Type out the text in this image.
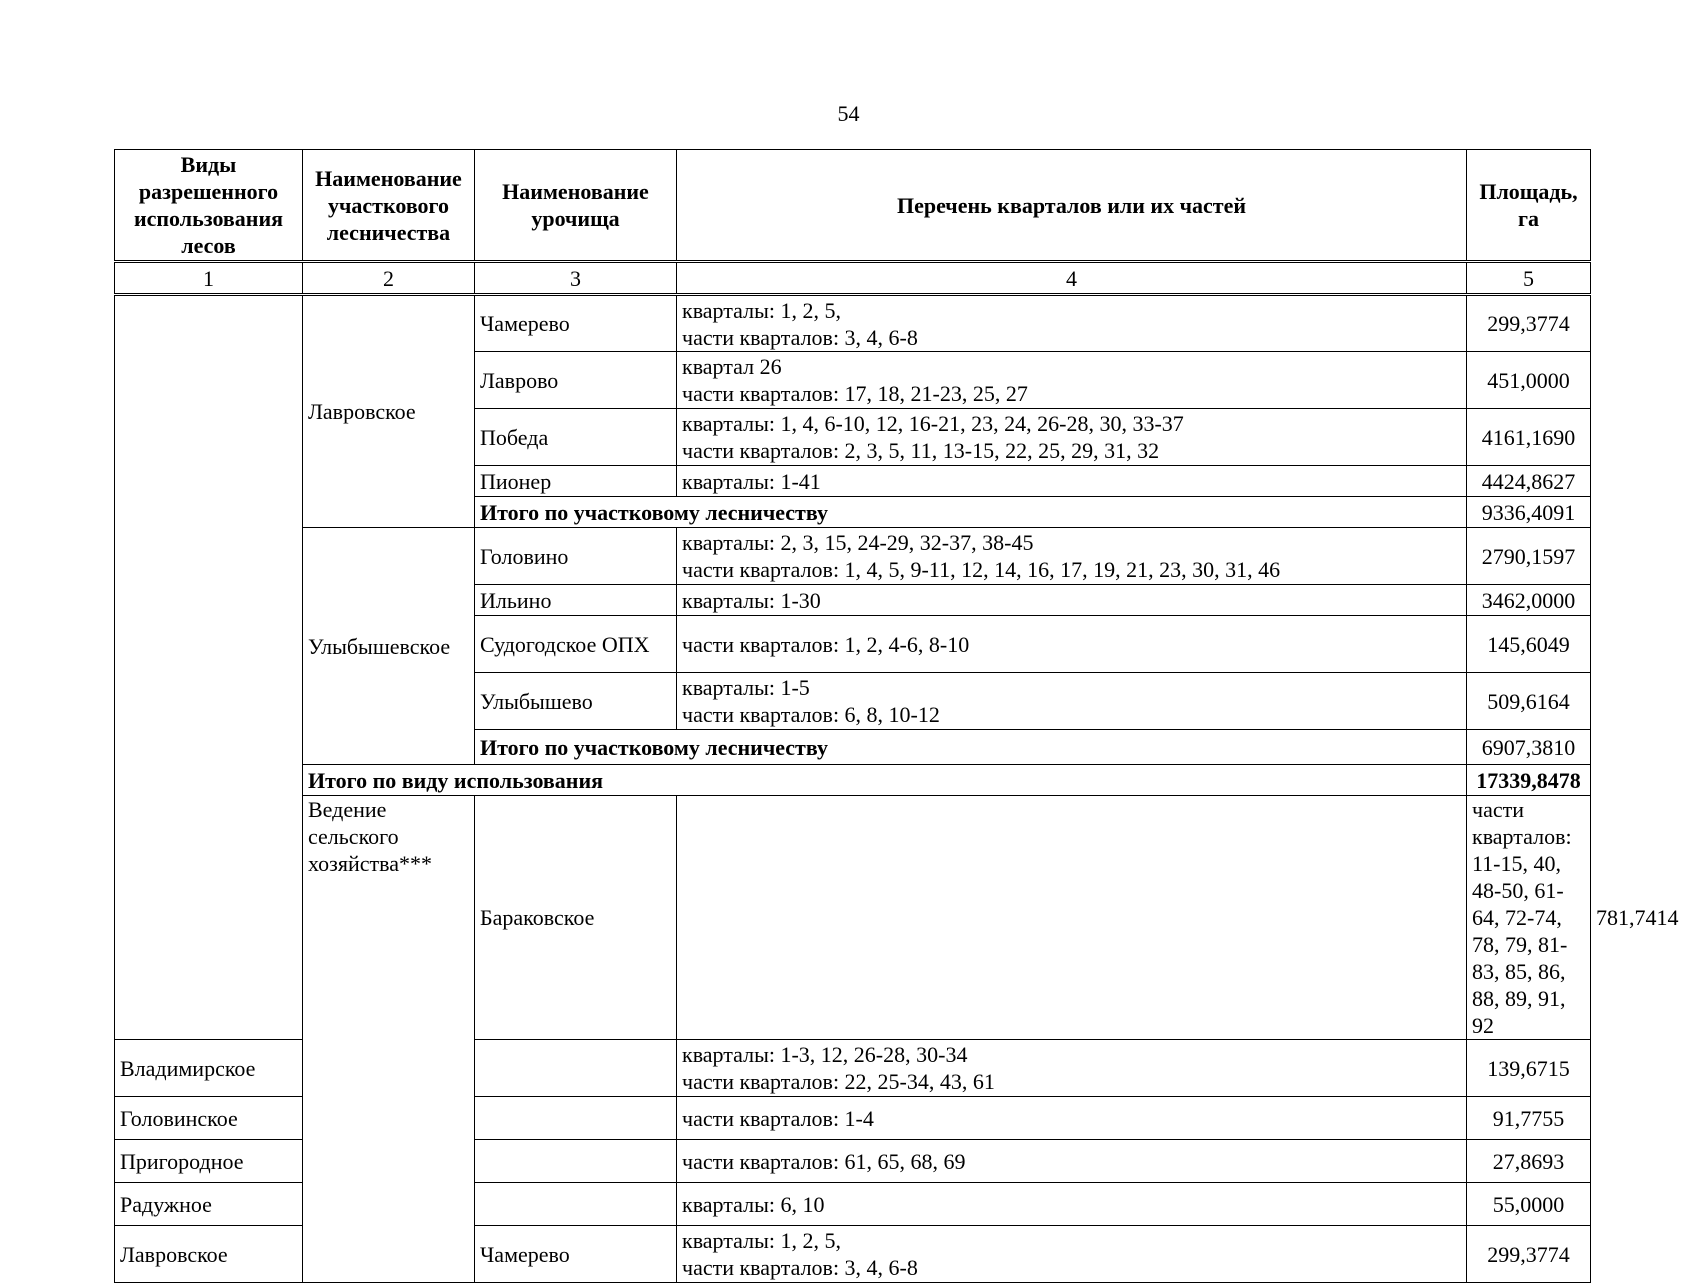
54
Виды разрешенного использования лесов	Наименование участкового лесничества	Наименование урочища	Перечень кварталов или их частей	Площадь, га	
1	2	3	4	5	
	Лавровское	Чамерево	кварталы: 1, 2, 5,
части кварталов: 3, 4, 6-8	299,3774	
		Лаврово	квартал 26
части кварталов: 17, 18, 21-23, 25, 27	451,0000	
		Победа	кварталы: 1, 4, 6-10, 12, 16-21, 23, 24, 26-28, 30, 33-37
части кварталов: 2, 3, 5, 11, 13-15, 22, 25, 29, 31, 32	4161,1690	
		Пионер	кварталы: 1-41	4424,8627	
		Итого по участковому лесничеству		9336,4091	
	Улыбышевское	Головино	кварталы: 2, 3, 15, 24-29, 32-37, 38-45
части кварталов: 1, 4, 5, 9-11, 12, 14, 16, 17, 19, 21, 23, 30, 31, 46	2790,1597	
		Ильино	кварталы: 1-30	3462,0000	
		Судогодское ОПХ	части кварталов: 1, 2, 4-6, 8-10	145,6049	
		Улыбышево	кварталы: 1-5
части кварталов: 6, 8, 10-12	509,6164	
		Итого по участковому лесничеству		6907,3810	
	Итого по виду использования			17339,8478	
	Ведение сельского хозяйства***	Бараковское		части кварталов: 11-15, 40, 48-50, 61-64, 72-74, 78, 79, 81-83, 85, 86, 88, 89, 91, 92	781,7414
Владимирское			кварталы: 1-3, 12, 26-28, 30-34
части кварталов: 22, 25-34, 43, 61	139,6715	
Головинское			части кварталов: 1-4	91,7755	
Пригородное			части кварталов: 61, 65, 68, 69	27,8693	
Радужное			кварталы: 6, 10	55,0000	
Лавровское		Чамерево	кварталы: 1, 2, 5,
части кварталов: 3, 4, 6-8	299,3774	
